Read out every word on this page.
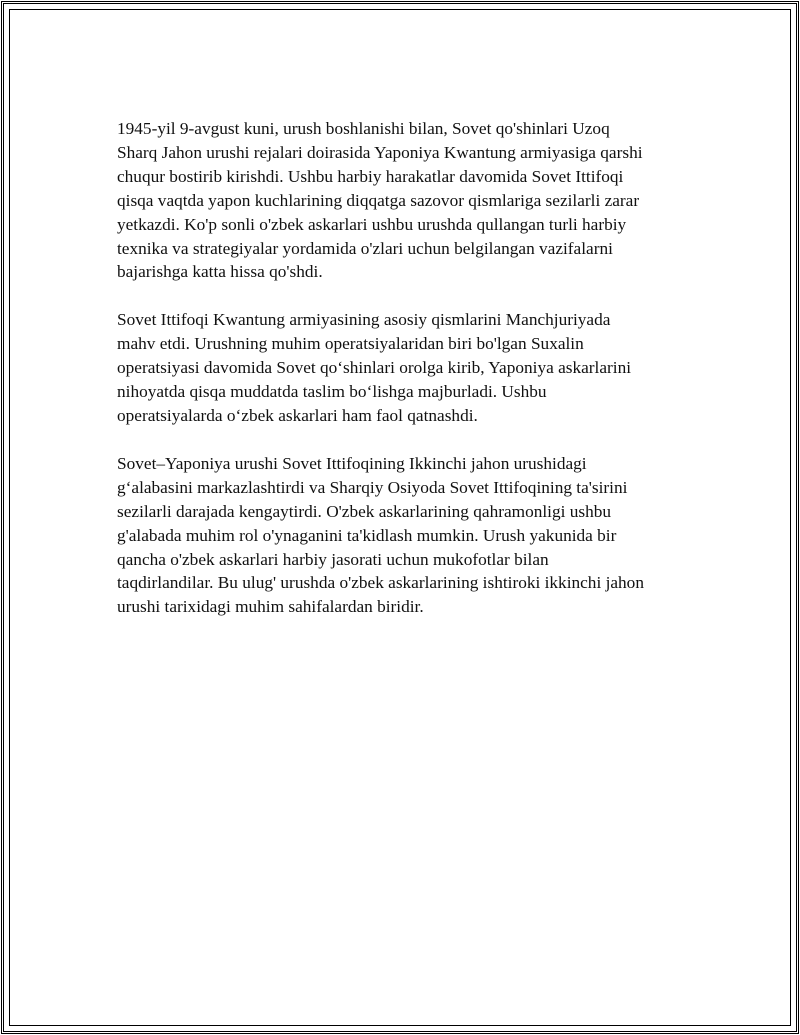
1945-yil 9-avgust kuni, urush boshlanishi bilan, Sovet qo'shinlari Uzoq
Sharq Jahon urushi rejalari doirasida Yaponiya Kwantung armiyasiga qarshi
chuqur bostirib kirishdi. Ushbu harbiy harakatlar davomida Sovet Ittifoqi
qisqa vaqtda yapon kuchlarining diqqatga sazovor qismlariga sezilarli zarar
yetkazdi. Ko'p sonli o'zbek askarlari ushbu urushda qullangan turli harbiy
texnika va strategiyalar yordamida o'zlari uchun belgilangan vazifalarni
bajarishga katta hissa qo'shdi.

Sovet Ittifoqi Kwantung armiyasining asosiy qismlarini Manchjuriyada
mahv etdi. Urushning muhim operatsiyalaridan biri bo'lgan Suxalin
operatsiyasi davomida Sovet qo‘shinlari orolga kirib, Yaponiya askarlarini
nihoyatda qisqa muddatda taslim bo‘lishga majburladi. Ushbu
operatsiyalarda o‘zbek askarlari ham faol qatnashdi.

Sovet–Yaponiya urushi Sovet Ittifoqining Ikkinchi jahon urushidagi
g‘alabasini markazlashtirdi va Sharqiy Osiyoda Sovet Ittifoqining ta'sirini
sezilarli darajada kengaytirdi. O'zbek askarlarining qahramonligi ushbu
g'alabada muhim rol o'ynaganini ta'kidlash mumkin. Urush yakunida bir
qancha o'zbek askarlari harbiy jasorati uchun mukofotlar bilan
taqdirlandilar. Bu ulug' urushda o'zbek askarlarining ishtiroki ikkinchi jahon
urushi tarixidagi muhim sahifalardan biridir.
